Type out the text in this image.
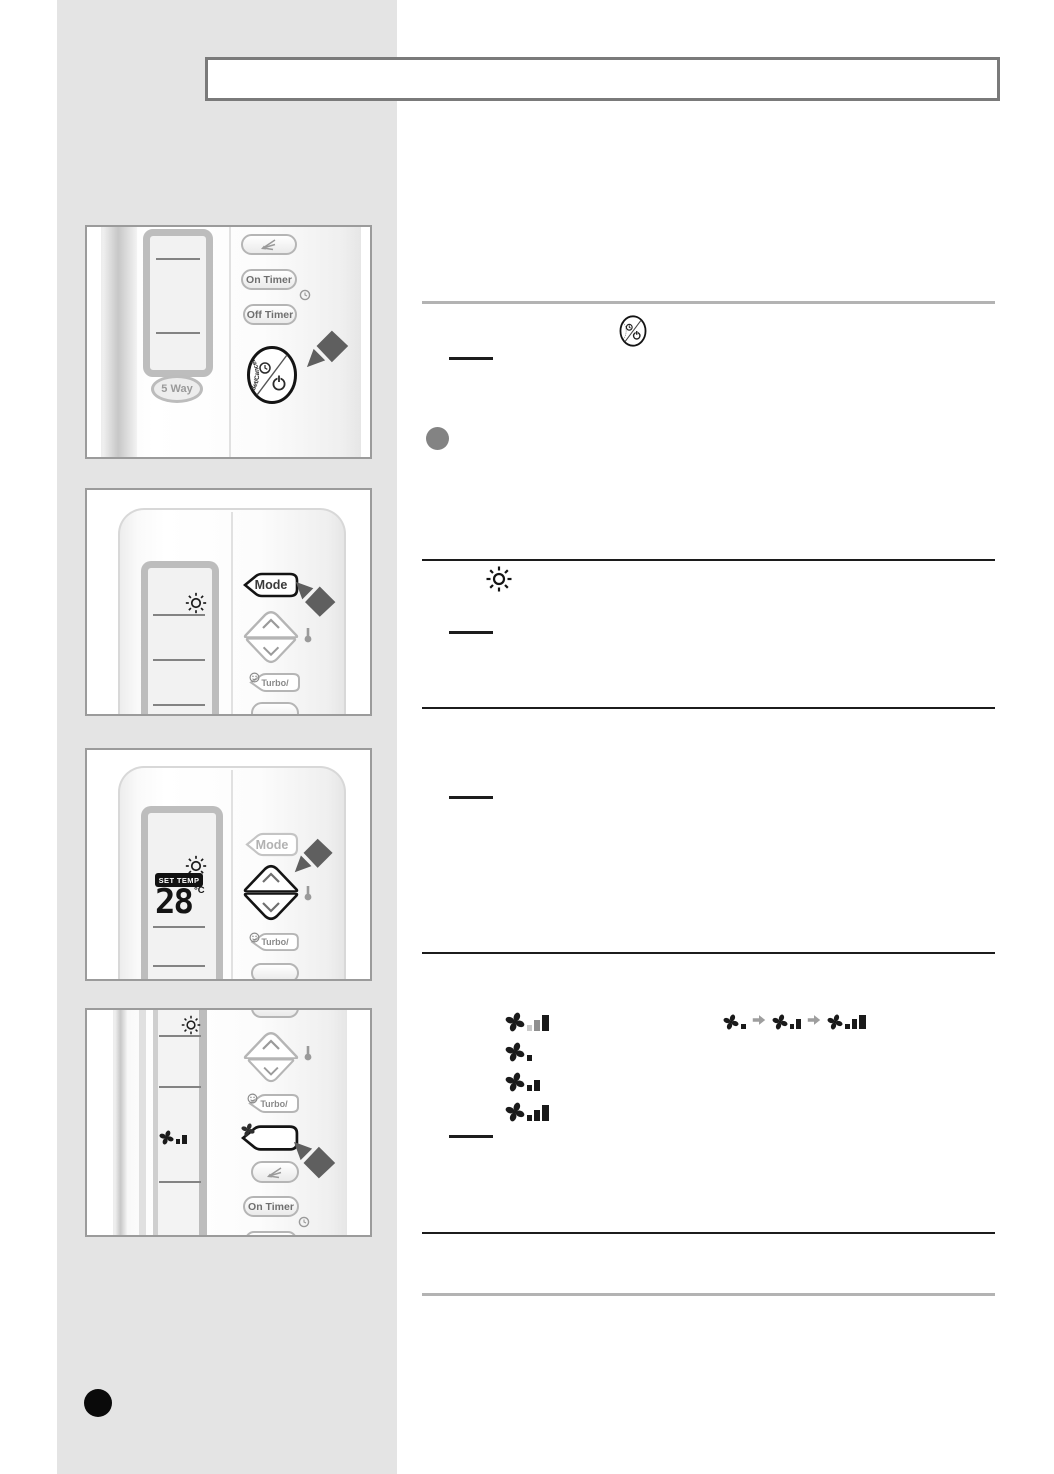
5 Way
On Timer
Off Timer
Set/Cancel
Mode
Turbo/
SET TEMP
28 °C
Mode
Turbo/
Turbo/
On Timer
